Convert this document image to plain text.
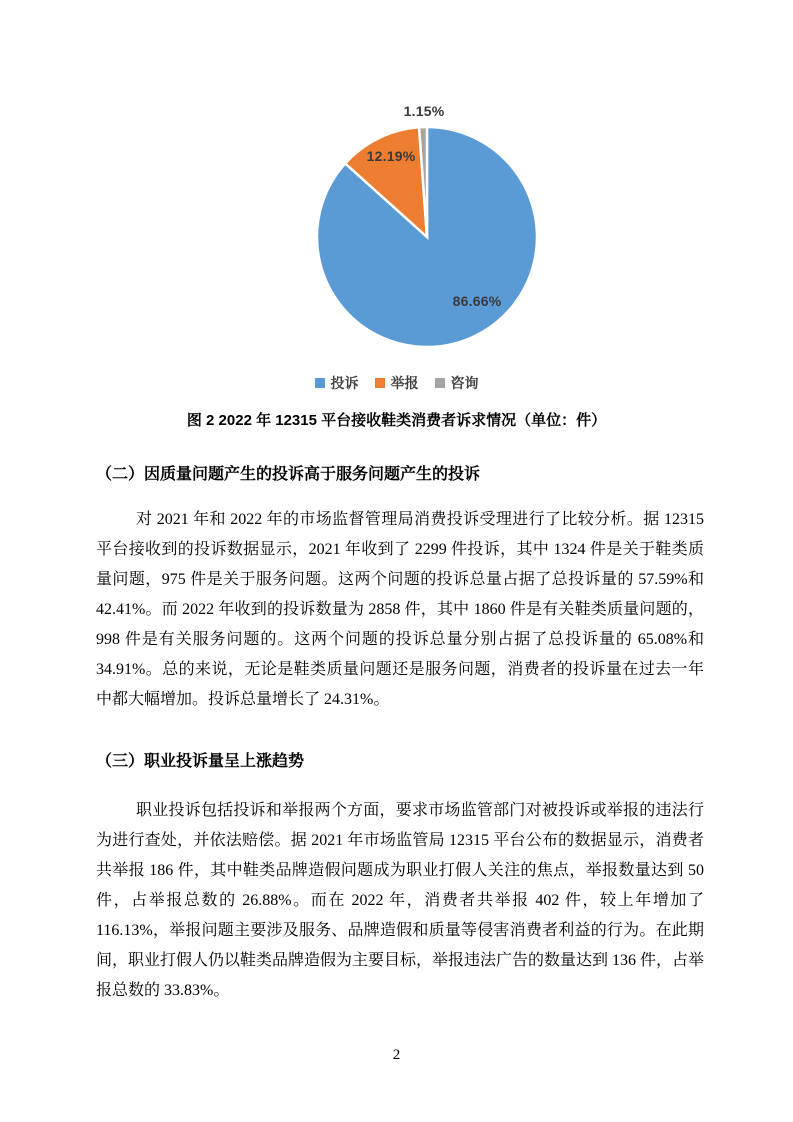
86.66%
12.19%
1.15%
投诉 举报 咨询
图 2 2022 年 12315 平台接收鞋类消费者诉求情况（单位：件）
（二）因质量问题产生的投诉高于服务问题产生的投诉

对 2021 年和 2022 年的市场监督管理局消费投诉受理进行了比较分析。据 12315 平台接收到的投诉数据显示，2021 年收到了 2299 件投诉，其中 1324 件是关于鞋类质量问题，975 件是关于服务问题。这两个问题的投诉总量占据了总投诉量的 57.59%和 42.41%。而 2022 年收到的投诉数量为 2858 件，其中 1860 件是有关鞋类质量问题的，998 件是有关服务问题的。这两个问题的投诉总量分别占据了总投诉量的 65.08%和 34.91%。总的来说，无论是鞋类质量问题还是服务问题，消费者的投诉量在过去一年中都大幅增加。投诉总量增长了 24.31%。

（三）职业投诉量呈上涨趋势

职业投诉包括投诉和举报两个方面，要求市场监管部门对被投诉或举报的违法行为进行查处，并依法赔偿。据 2021 年市场监管局 12315 平台公布的数据显示，消费者共举报 186 件，其中鞋类品牌造假问题成为职业打假人关注的焦点，举报数量达到 50 件，占举报总数的 26.88%。而在 2022 年，消费者共举报 402 件，较上年增加了 116.13%，举报问题主要涉及服务、品牌造假和质量等侵害消费者利益的行为。在此期间，职业打假人仍以鞋类品牌造假为主要目标，举报违法广告的数量达到 136 件，占举报总数的 33.83%。

2
